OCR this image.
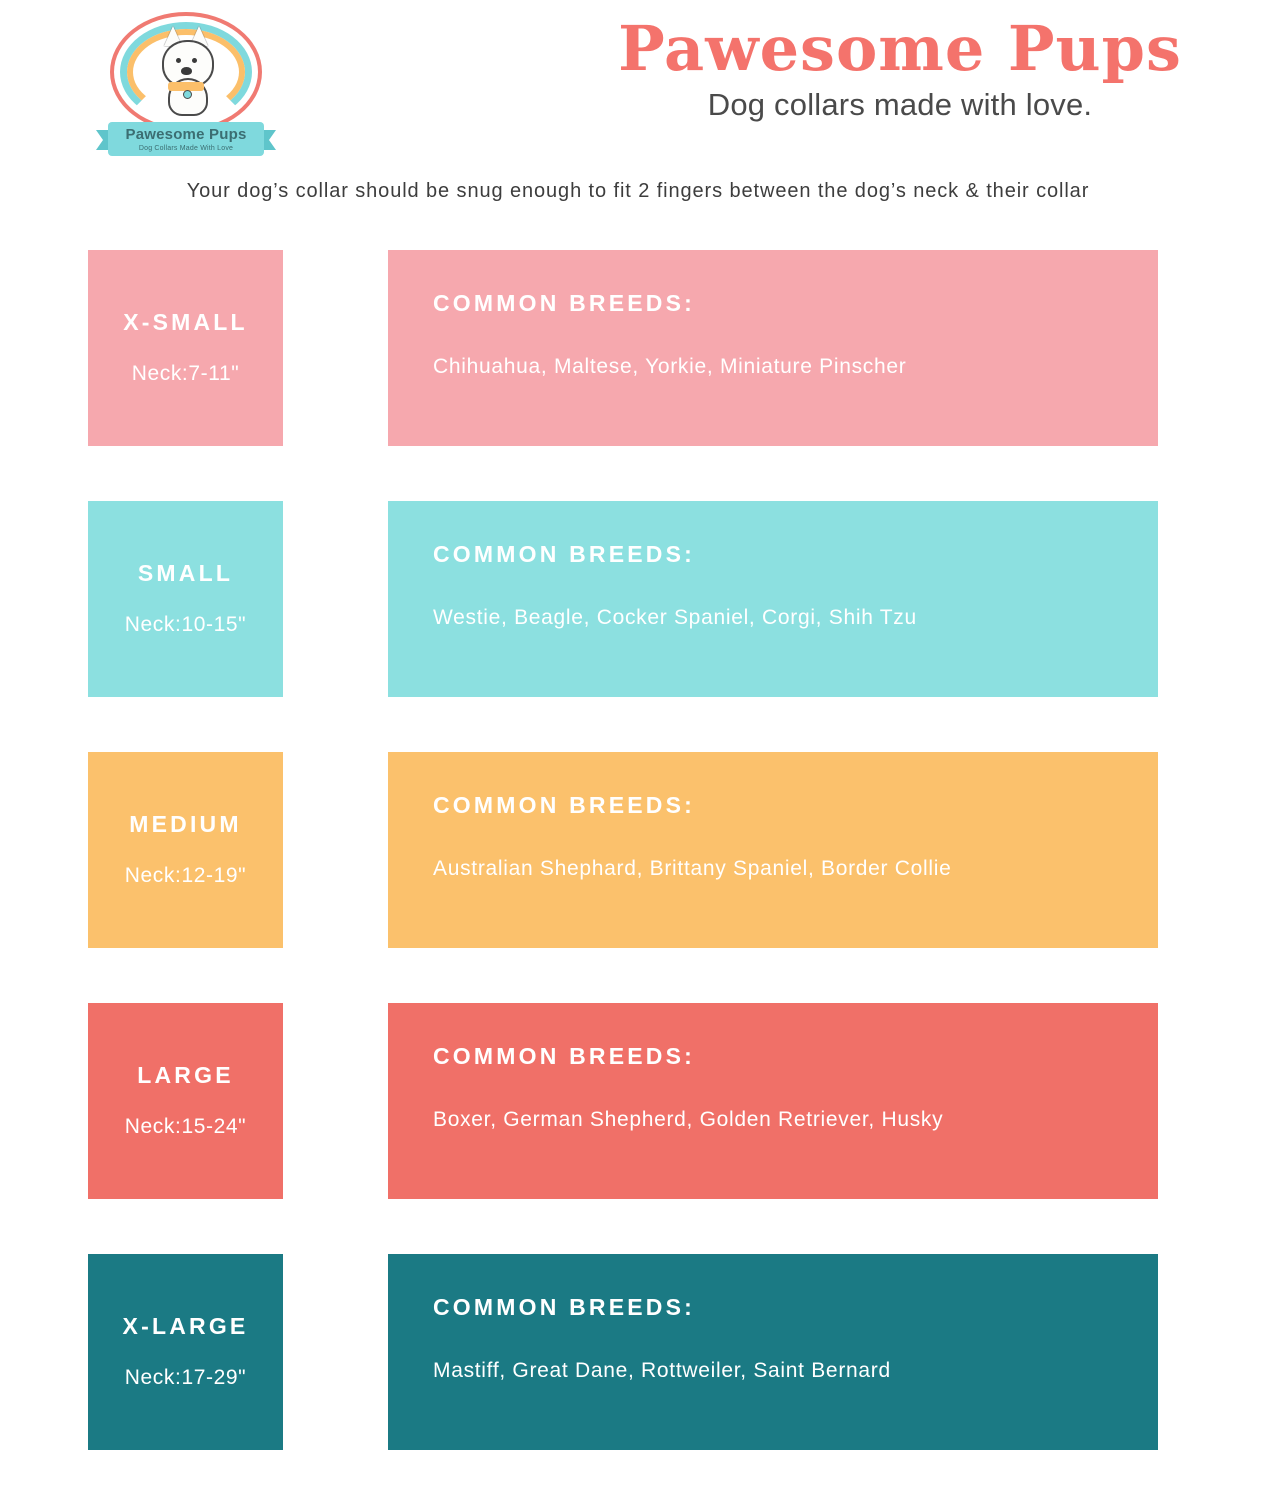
Pawesome Pups
Dog Collars Made With Love
Pawesome Pups
Dog collars made with love.
Your dog’s collar should be snug enough to fit 2 fingers between the dog’s neck & their collar
X-SMALL
Neck:7-11"
COMMON BREEDS:
Chihuahua, Maltese, Yorkie, Miniature Pinscher
SMALL
Neck:10-15"
COMMON BREEDS:
Westie, Beagle, Cocker Spaniel, Corgi, Shih Tzu
MEDIUM
Neck:12-19"
COMMON BREEDS:
Australian Shephard, Brittany Spaniel, Border Collie
LARGE
Neck:15-24"
COMMON BREEDS:
Boxer, German Shepherd, Golden Retriever, Husky
X-LARGE
Neck:17-29"
COMMON BREEDS:
Mastiff, Great Dane, Rottweiler, Saint Bernard
